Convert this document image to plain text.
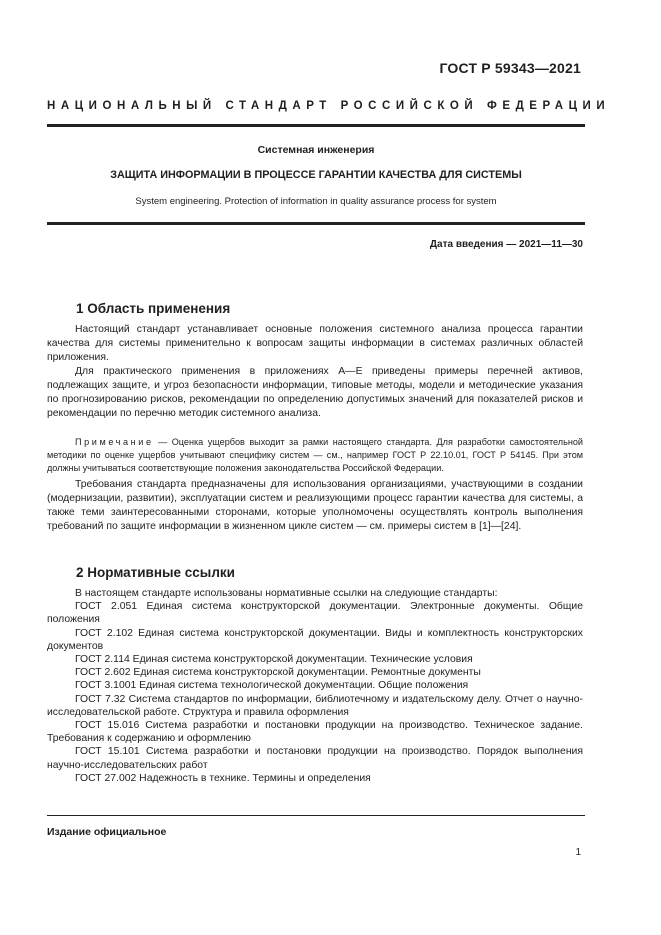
ГОСТ Р 59343—2021
НАЦИОНАЛЬНЫЙ СТАНДАРТ РОССИЙСКОЙ ФЕДЕРАЦИИ
Системная инженерия
ЗАЩИТА ИНФОРМАЦИИ В ПРОЦЕССЕ ГАРАНТИИ КАЧЕСТВА ДЛЯ СИСТЕМЫ
System engineering. Protection of information in quality assurance process for system
Дата введения — 2021—11—30
1 Область применения

Настоящий стандарт устанавливает основные положения системного анализа процесса гарантии качества для системы применительно к вопросам защиты информации в системах различных областей приложения.

Для практического применения в приложениях А—Е приведены примеры перечней активов, подлежащих защите, и угроз безопасности информации, типовые методы, модели и методические указания по прогнозированию рисков, рекомендации по определению допустимых значений для показателей рисков и рекомендации по перечню методик системного анализа.

Примечание — Оценка ущербов выходит за рамки настоящего стандарта. Для разработки самостоятельной методики по оценке ущербов учитывают специфику систем — см., например ГОСТ Р 22.10.01, ГОСТ Р 54145. При этом должны учитываться соответствующие положения законодательства Российской Федерации.

Требования стандарта предназначены для использования организациями, участвующими в создании (модернизации, развитии), эксплуатации систем и реализующими процесс гарантии качества для системы, а также теми заинтересованными сторонами, которые уполномочены осуществлять контроль выполнения требований по защите информации в жизненном цикле систем — см. примеры систем в [1]—[24].

2 Нормативные ссылки

В настоящем стандарте использованы нормативные ссылки на следующие стандарты:

ГОСТ 2.051 Единая система конструкторской документации. Электронные документы. Общие положения

ГОСТ 2.102 Единая система конструкторской документации. Виды и комплектность конструкторских документов

ГОСТ 2.114 Единая система конструкторской документации. Технические условия

ГОСТ 2.602 Единая система конструкторской документации. Ремонтные документы

ГОСТ 3.1001 Единая система технологической документации. Общие положения

ГОСТ 7.32 Система стандартов по информации, библиотечному и издательскому делу. Отчет о научно-исследовательской работе. Структура и правила оформления

ГОСТ 15.016 Система разработки и постановки продукции на производство. Техническое задание. Требования к содержанию и оформлению

ГОСТ 15.101 Система разработки и постановки продукции на производство. Порядок выполнения научно-исследовательских работ

ГОСТ 27.002 Надежность в технике. Термины и определения

Издание официальное
1
